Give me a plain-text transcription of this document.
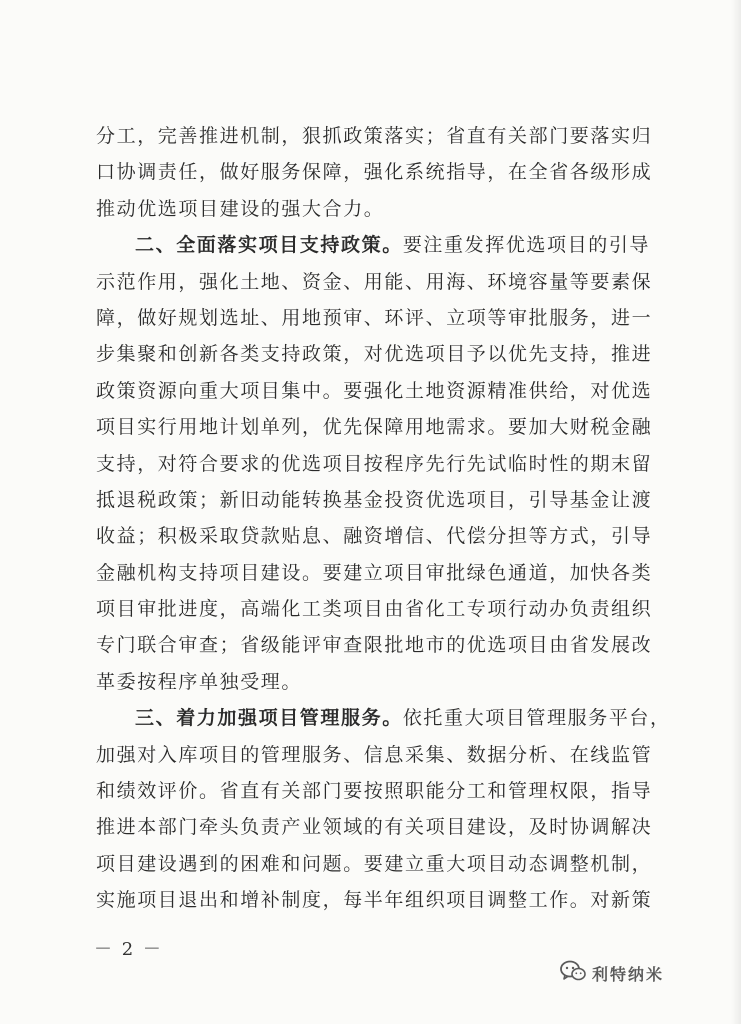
分工，完善推进机制，狠抓政策落实；省直有关部门要落实归
口协调责任，做好服务保障，强化系统指导，在全省各级形成
推动优选项目建设的强大合力。
二、全面落实项目支持政策。要注重发挥优选项目的引导
示范作用，强化土地、资金、用能、用海、环境容量等要素保
障，做好规划选址、用地预审、环评、立项等审批服务，进一
步集聚和创新各类支持政策，对优选项目予以优先支持，推进
政策资源向重大项目集中。要强化土地资源精准供给，对优选
项目实行用地计划单列，优先保障用地需求。要加大财税金融
支持，对符合要求的优选项目按程序先行先试临时性的期末留
抵退税政策；新旧动能转换基金投资优选项目，引导基金让渡
收益；积极采取贷款贴息、融资增信、代偿分担等方式，引导
金融机构支持项目建设。要建立项目审批绿色通道，加快各类
项目审批进度，高端化工类项目由省化工专项行动办负责组织
专门联合审查；省级能评审查限批地市的优选项目由省发展改
革委按程序单独受理。
三、着力加强项目管理服务。依托重大项目管理服务平台，
加强对入库项目的管理服务、信息采集、数据分析、在线监管
和绩效评价。省直有关部门要按照职能分工和管理权限，指导
推进本部门牵头负责产业领域的有关项目建设，及时协调解决
项目建设遇到的困难和问题。要建立重大项目动态调整机制，
实施项目退出和增补制度，每半年组织项目调整工作。对新策
－ 2 －
利特纳米
